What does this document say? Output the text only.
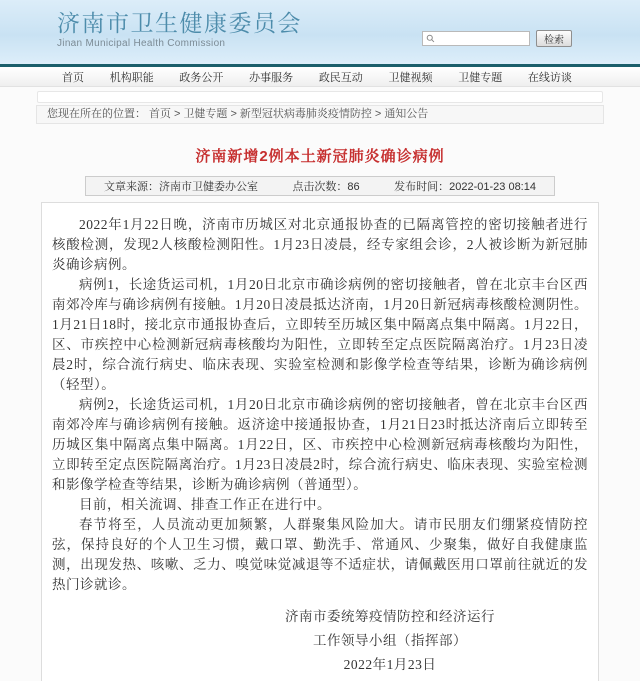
济南市卫生健康委员会
Jinan Municipal Health Commission	检索
首页 机构职能 政务公开 办事服务 政民互动 卫健视频 卫健专题 在线访谈
您现在所在的位置： 首页 > 卫健专题 > 新型冠状病毒肺炎疫情防控 > 通知公告
济南新增2例本土新冠肺炎确诊病例
文章来源：济南市卫健委办公室	点击次数：86	发布时间：2022-01-23 08:14

2022年1月22日晚，济南市历城区对北京通报协查的已隔离管控的密切接触者进行核酸检测，发现2人核酸检测阳性。1月23日凌晨，经专家组会诊，2人被诊断为新冠肺炎确诊病例。

病例1，长途货运司机，1月20日北京市确诊病例的密切接触者，曾在北京丰台区西南郊冷库与确诊病例有接触。1月20日凌晨抵达济南，1月20日新冠病毒核酸检测阴性。1月21日18时，接北京市通报协查后，立即转至历城区集中隔离点集中隔离。1月22日，区、市疾控中心检测新冠病毒核酸均为阳性，立即转至定点医院隔离治疗。1月23日凌晨2时，综合流行病史、临床表现、实验室检测和影像学检查等结果，诊断为确诊病例（轻型）。

病例2，长途货运司机，1月20日北京市确诊病例的密切接触者，曾在北京丰台区西南郊冷库与确诊病例有接触。返济途中接通报协查，1月21日23时抵达济南后立即转至历城区集中隔离点集中隔离。1月22日，区、市疾控中心检测新冠病毒核酸均为阳性，立即转至定点医院隔离治疗。1月23日凌晨2时，综合流行病史、临床表现、实验室检测和影像学检查等结果，诊断为确诊病例（普通型）。

目前，相关流调、排查工作正在进行中。

春节将至，人员流动更加频繁，人群聚集风险加大。请市民朋友们绷紧疫情防控弦，保持良好的个人卫生习惯，戴口罩、勤洗手、常通风、少聚集，做好自我健康监测，出现发热、咳嗽、乏力、嗅觉味觉减退等不适症状，请佩戴医用口罩前往就近的发热门诊就诊。

济南市委统筹疫情防控和经济运行
工作领导小组（指挥部）
2022年1月23日
